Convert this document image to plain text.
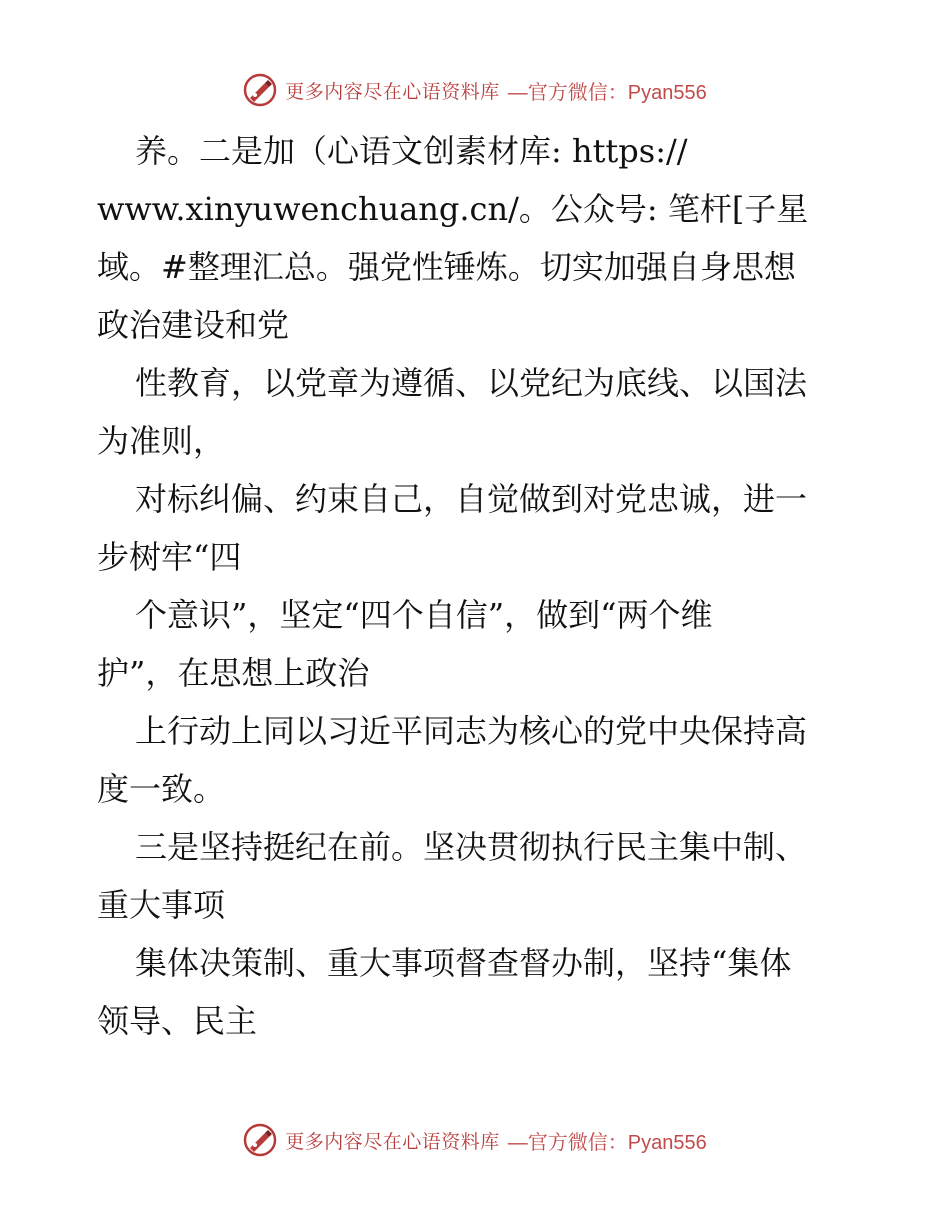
更多内容尽在心语资料库 —官方微信：Pyan556
养。二是加（心语文创素材库: https://
www.xinyuwenchuang.cn/。公众号: 笔杆[子星
域。#整理汇总。强党性锤炼。切实加强自身思想
政治建设和党
性教育，以党章为遵循、以党纪为底线、以国法
为准则，
对标纠偏、约束自己，自觉做到对党忠诚，进一
步树牢“四
个意识”，坚定“四个自信”，做到“两个维
护”，在思想上政治
上行动上同以习近平同志为核心的党中央保持高
度一致。
三是坚持挺纪在前。坚决贯彻执行民主集中制、
重大事项
集体决策制、重大事项督查督办制，坚持“集体
领导、民主
更多内容尽在心语资料库 —官方微信：Pyan556
